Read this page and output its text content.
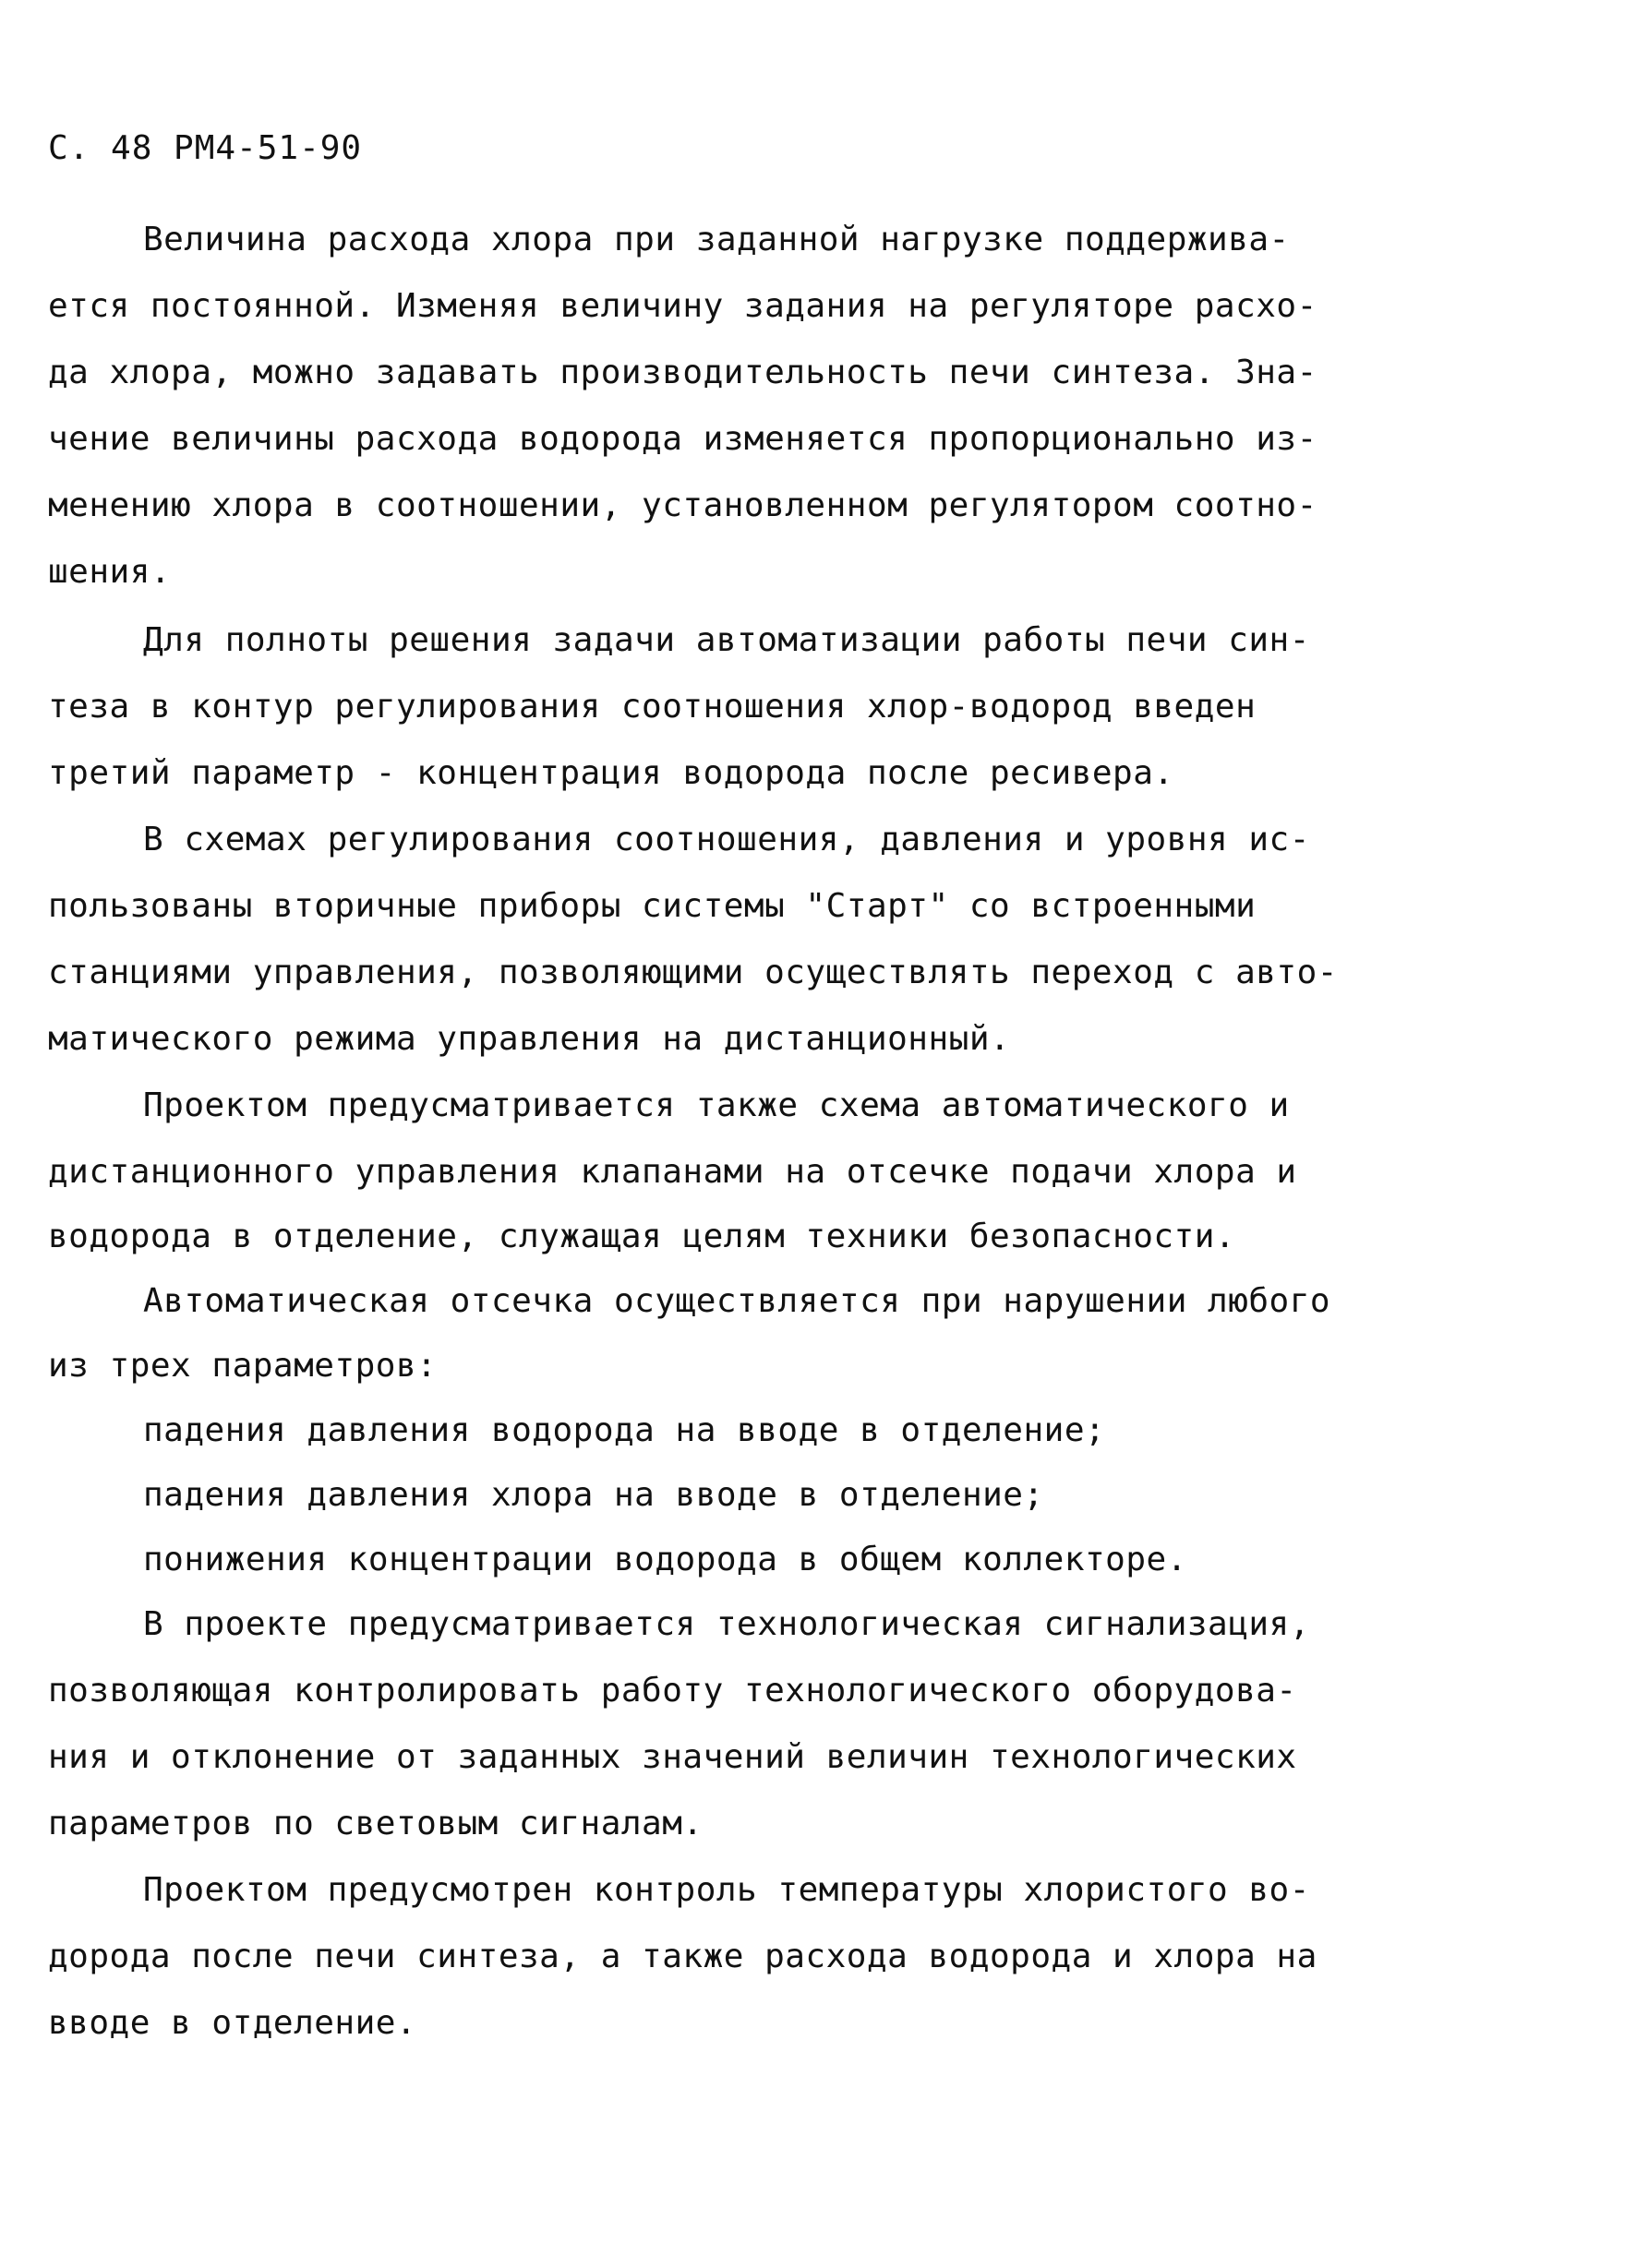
С. 48 РМ4-51-90
Величина расхода хлора при заданной нагрузке поддержива-
ется постоянной. Изменяя величину задания на регуляторе расхо-
да хлора, можно задавать производительность печи синтеза. Зна-
чение величины расхода водорода изменяется пропорционально из-
менению хлора в соотношении, установленном регулятором соотно-
шения.
Для полноты решения задачи автоматизации работы печи син-
теза в контур регулирования соотношения хлор-водород введен
третий параметр - концентрация водорода после ресивера.
В схемах регулирования соотношения, давления и уровня ис-
пользованы вторичные приборы системы "Старт" со встроенными
станциями управления, позволяющими осуществлять переход с авто-
матического режима управления на дистанционный.
Проектом предусматривается также схема автоматического и
дистанционного управления клапанами на отсечке подачи хлора и
водорода в отделение, служащая целям техники безопасности.
Автоматическая отсечка осуществляется при нарушении любого
из трех параметров:
падения давления водорода на вводе в отделение;
падения давления хлора на вводе в отделение;
понижения концентрации водорода в общем коллекторе.
В проекте предусматривается технологическая сигнализация,
позволяющая контролировать работу технологического оборудова-
ния и отклонение от заданных значений величин технологических
параметров по световым сигналам.
Проектом предусмотрен контроль температуры хлористого во-
дорода после печи синтеза, а также расхода водорода и хлора на
вводе в отделение.
